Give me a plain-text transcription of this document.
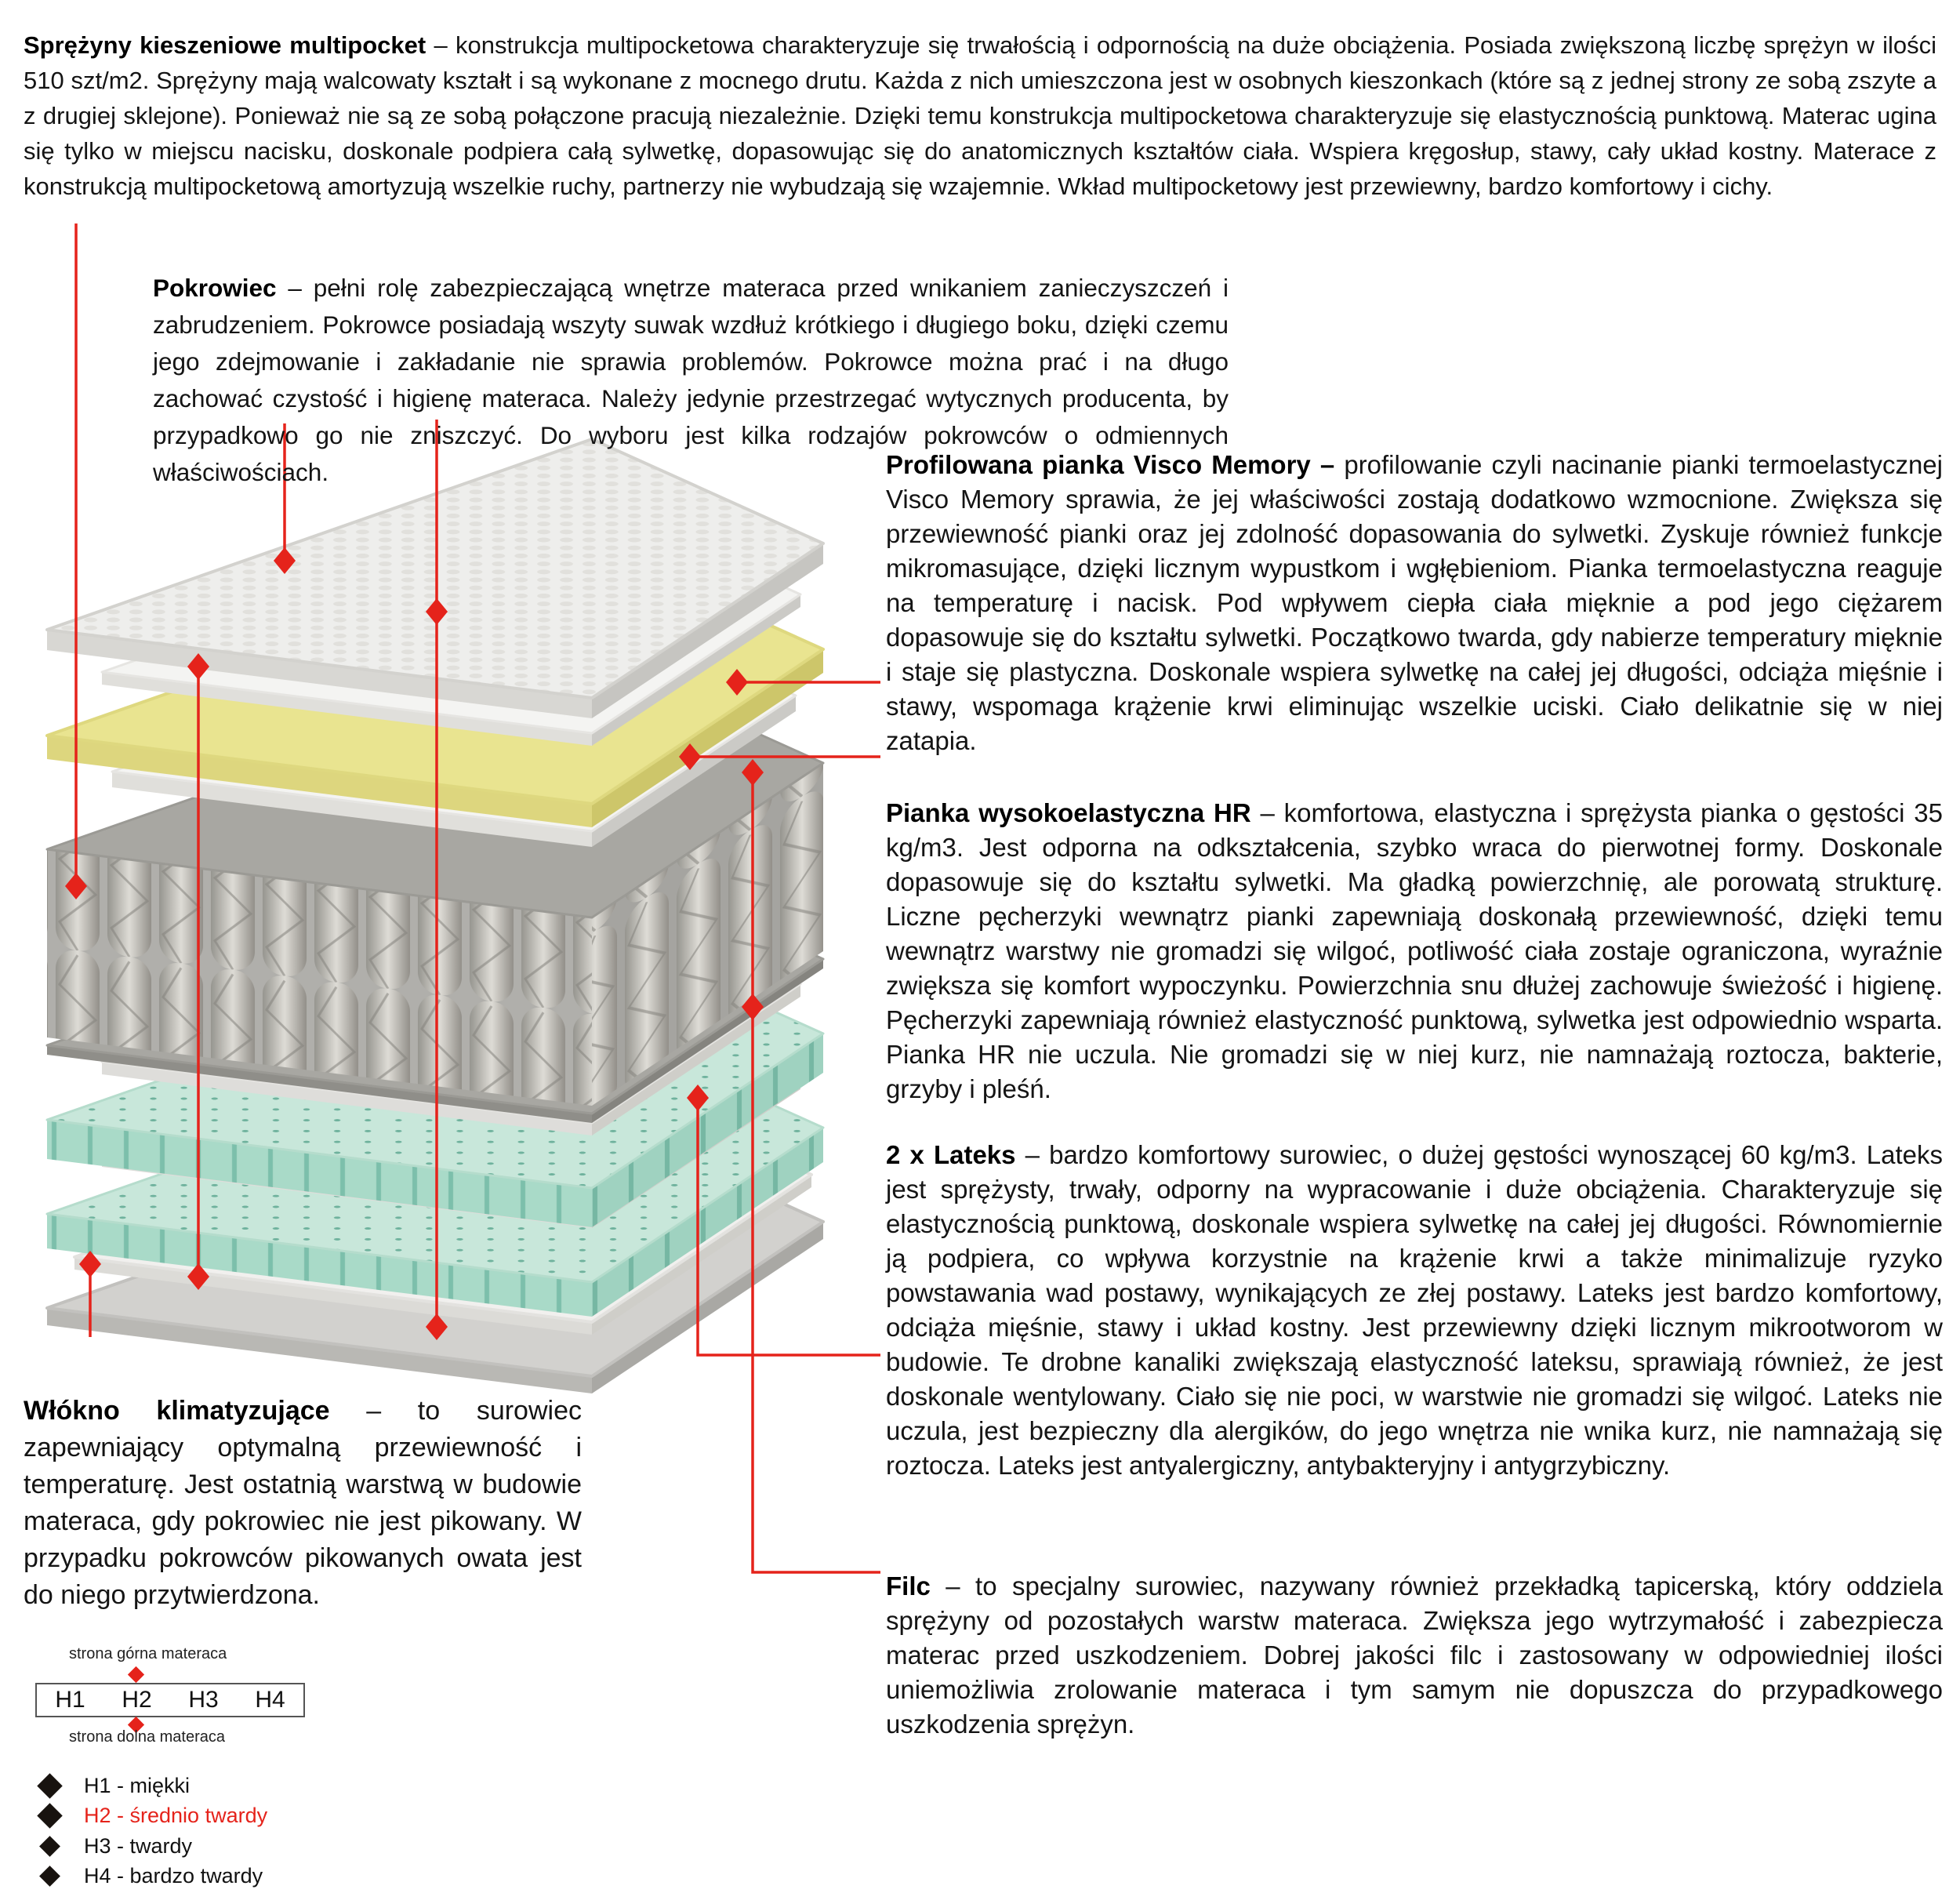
Sprężyny kieszeniowe multipocket – konstrukcja multipocketowa charakteryzuje się trwałością i odpornością na duże obciążenia. Posiada zwiększoną liczbę sprężyn w ilości 510 szt/m2. Sprężyny mają walcowaty kształt i są wykonane z mocnego drutu. Każda z nich umieszczona jest w osobnych kieszonkach (które są z jednej strony ze sobą zszyte a z drugiej sklejone). Ponieważ nie są ze sobą połączone pracują niezależnie. Dzięki temu konstrukcja multipocketowa charakteryzuje się elastycznością punktową. Materac ugina się tylko w miejscu nacisku, doskonale podpiera całą sylwetkę, dopasowując się do anatomicznych kształtów ciała. Wspiera kręgosłup, stawy, cały układ kostny. Materace z konstrukcją multipocketową amortyzują wszelkie ruchy, partnerzy nie wybudzają się wzajemnie. Wkład multipocketowy jest przewiewny, bardzo komfortowy i cichy.

Pokrowiec – pełni rolę zabezpieczającą wnętrze materaca przed wnikaniem zanieczyszczeń i zabrudzeniem. Pokrowce posiadają wszyty suwak wzdłuż krótkiego i długiego boku, dzięki czemu jego zdejmowanie i zakładanie nie sprawia problemów. Pokrowce można prać i na długo zachować czystość i higienę materaca. Należy jedynie przestrzegać wytycznych producenta, by przypadkowo go nie zniszczyć. Do wyboru jest kilka rodzajów pokrowców o odmiennych właściwościach.	Profilowana pianka Visco Memory – profilowanie czyli nacinanie pianki termoelastycznej Visco Memory sprawia, że jej właściwości zostają dodatkowo wzmocnione. Zwiększa się przewiewność pianki oraz jej zdolność dopasowania do sylwetki. Zyskuje również funkcje mikromasujące, dzięki licznym wypustkom i wgłębieniom. Pianka termoelastyczna reaguje na temperaturę i nacisk. Pod wpływem ciepła ciała mięknie a pod jego ciężarem dopasowuje się do kształtu sylwetki. Początkowo twarda, gdy nabierze temperatury mięknie i staje się plastyczna. Doskonale wspiera sylwetkę na całej jej długości, odciąża mięśnie i stawy, wspomaga krążenie krwi eliminując wszelkie uciski. Ciało delikatnie się w niej zatapia.

Pianka wysokoelastyczna HR – komfortowa, elastyczna i sprężysta pianka o gęstości 35 kg/m3. Jest odporna na odkształcenia, szybko wraca do pierwotnej formy. Doskonale dopasowuje się do kształtu sylwetki. Ma gładką powierzchnię, ale porowatą strukturę. Liczne pęcherzyki wewnątrz pianki zapewniają doskonałą przewiewność, dzięki temu wewnątrz warstwy nie gromadzi się wilgoć, potliwość ciała zostaje ograniczona, wyraźnie zwiększa się komfort wypoczynku. Powierzchnia snu dłużej zachowuje świeżość i higienę. Pęcherzyki zapewniają również elastyczność punktową, sylwetka jest odpowiednio wsparta. Pianka HR nie uczula. Nie gromadzi się w niej kurz, nie namnażają roztocza, bakterie, grzyby i pleśń.

2 x Lateks – bardzo komfortowy surowiec, o dużej gęstości wynoszącej 60 kg/m3. Lateks jest sprężysty, trwały, odporny na wypracowanie i duże obciążenia. Charakteryzuje się elastycznością punktową, doskonale wspiera sylwetkę na całej jej długości. Równomiernie ją podpiera, co wpływa korzystnie na krążenie krwi a także minimalizuje ryzyko powstawania wad postawy, wynikających ze złej postawy. Lateks jest bardzo komfortowy, odciąża mięśnie, stawy i układ kostny. Jest przewiewny dzięki licznym mikrootworom w budowie. Te drobne kanaliki zwiększają elastyczność lateksu, sprawiają również, że jest doskonale wentylowany. Ciało się nie poci, w warstwie nie gromadzi się wilgoć. Lateks nie uczula, jest bezpieczny dla alergików, do jego wnętrza nie wnika kurz, nie namnażają się roztocza. Lateks jest antyalergiczny, antybakteryjny i antygrzybiczny.

Włókno klimatyzujące – to surowiec zapewniający optymalną przewiewność i temperaturę. Jest ostatnią warstwą w budowie materaca, gdy pokrowiec nie jest pikowany. W przypadku pokrowców pikowanych owata jest do niego przytwierdzona.	Filc – to specjalny surowiec, nazywany również przekładką tapicerską, który oddziela sprężyny od pozostałych warstw materaca. Zwiększa jego wytrzymałość i zabezpiecza materac przed uszkodzeniem. Dobrej jakości filc i zastosowany w odpowiedniej ilości uniemożliwia zrolowanie materaca i tym samym nie dopuszcza do przypadkowego uszkodzenia sprężyn.

strona górna materaca
H1	H2	H3	H4
strona dolna materaca
H1 - miękki
H2 - średnio twardy
H3 - twardy
H4 - bardzo twardy
